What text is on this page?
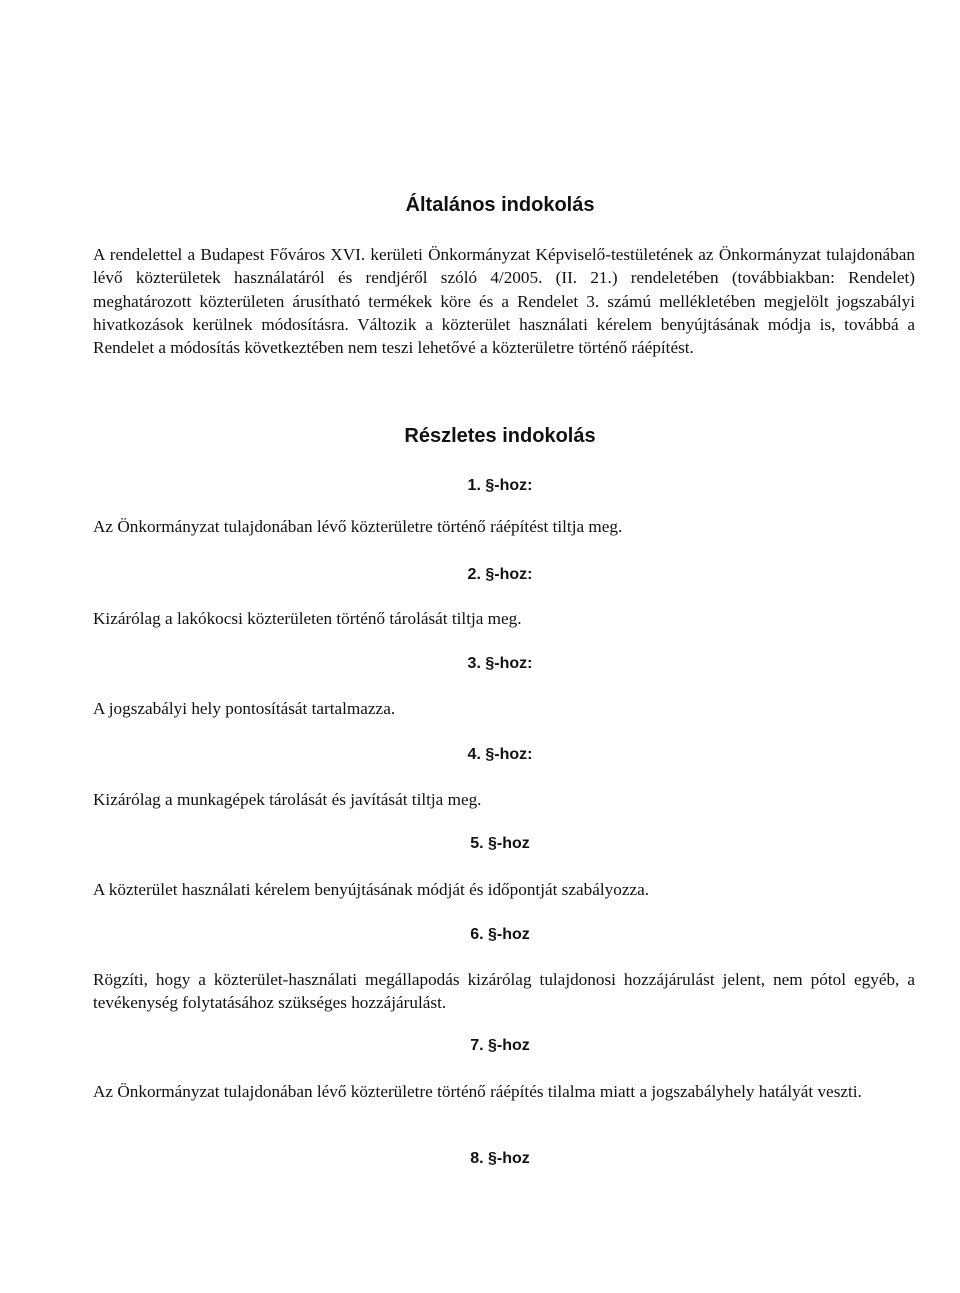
Általános indokolás

A rendelettel a Budapest Főváros XVI. kerületi Önkormányzat Képviselő-testületének az Önkormányzat tulajdonában lévő közterületek használatáról és rendjéről szóló 4/2005. (II. 21.) rendeletében (továbbiakban: Rendelet) meghatározott közterületen árusítható termékek köre és a Rendelet 3. számú mellékletében megjelölt jogszabályi hivatkozások kerülnek módosításra. Változik a közterület használati kérelem benyújtásának módja is, továbbá a Rendelet a módosítás következtében nem teszi lehetővé a közterületre történő ráépítést.

Részletes indokolás
1. §-hoz:

Az Önkormányzat tulajdonában lévő közterületre történő ráépítést tiltja meg.

2. §-hoz:

Kizárólag a lakókocsi közterületen történő tárolását tiltja meg.

3. §-hoz:

A jogszabályi hely pontosítását tartalmazza.

4. §-hoz:

Kizárólag a munkagépek tárolását és javítását tiltja meg.

5. §-hoz

A közterület használati kérelem benyújtásának módját és időpontját szabályozza.

6. §-hoz

Rögzíti, hogy a közterület-használati megállapodás kizárólag tulajdonosi hozzájárulást jelent, nem pótol egyéb, a tevékenység folytatásához szükséges hozzájárulást.

7. §-hoz

Az Önkormányzat tulajdonában lévő közterületre történő ráépítés tilalma miatt a jogszabályhely hatályát veszti.

8. §-hoz
